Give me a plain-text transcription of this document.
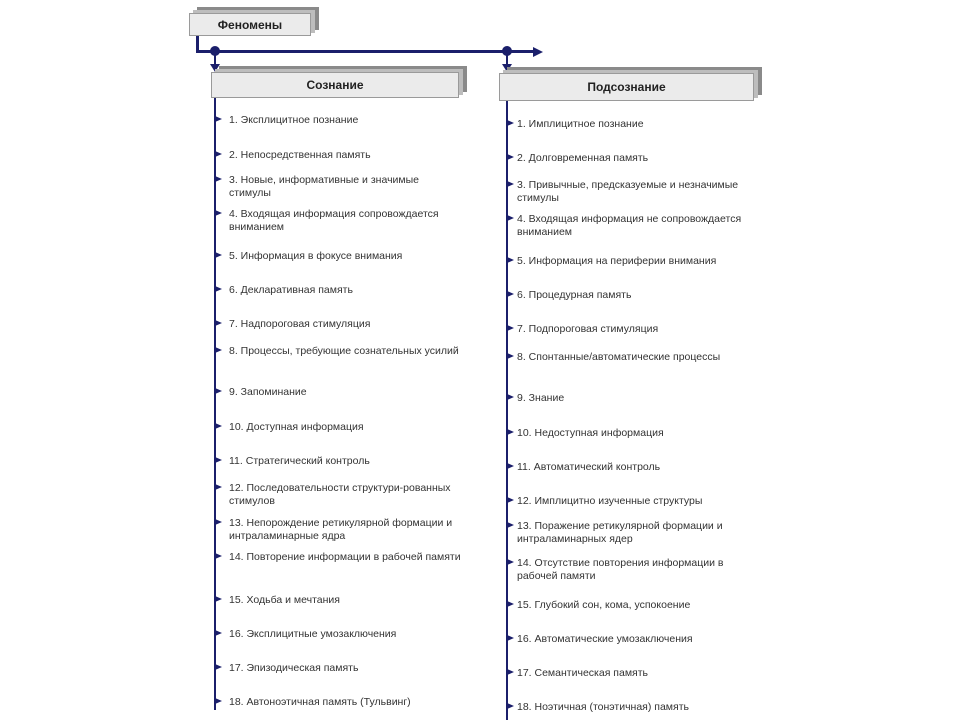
Феномены
Сознание	Подсознание
1. Эксплицитное познание
2. Непосредственная память
3. Новые, информативные и значимые стимулы
4. Входящая информация сопровождается вниманием
5. Информация в фокусе внимания
6. Декларативная память
7. Надпороговая стимуляция
8. Процессы, требующие сознательных усилий
9. Запоминание
10. Доступная информация
11. Стратегический контроль
12. Последовательности структури-рованных стимулов
13. Непорождение ретикулярной формации и интраламинарные ядра
14. Повторение информации в рабочей памяти
15. Ходьба и мечтания
16. Эксплицитные умозаключения
17. Эпизодическая память
18. Автоноэтичная память (Тульвинг)
1. Имплицитное познание
2. Долговременная память
3. Привычные, предсказуемые и незначимые стимулы
4. Входящая информация не сопровождается вниманием
5. Информация на периферии внимания
6. Процедурная память
7. Подпороговая стимуляция
8. Спонтанные/автоматические процессы
9. Знание
10. Недоступная информация
11. Автоматический контроль
12. Имплицитно изученные структуры
13. Поражение ретикулярной формации и интраламинарных ядер
14. Отсутствие повторения информации в рабочей памяти
15. Глубокий сон, кома, успокоение
16. Автоматические умозаключения
17. Семантическая память
18. Ноэтичная (тонэтичная) память
